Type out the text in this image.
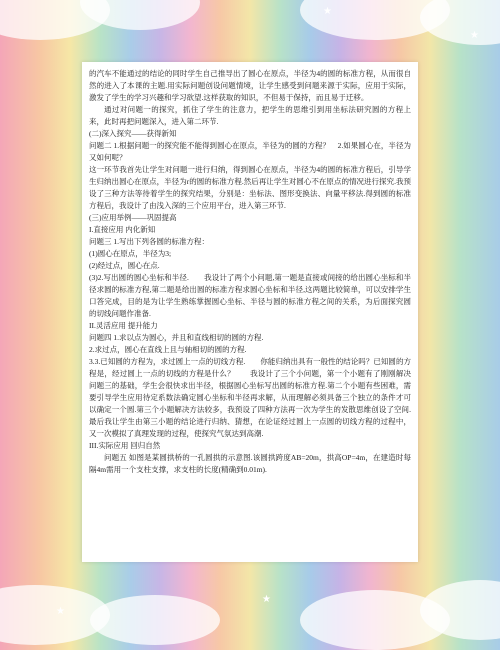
★
★
★
★

的汽车不能通过的结论的同时学生自己推导出了圆心在原点，半径为4的圆的标准方程，从而很自然的进入了本课的主题.用实际问题创设问题情境，让学生感受到问题来源于实际，应用于实际，激发了学生的学习兴趣和学习欲望.这样获取的知识，不但易于保持，而且易于迁移。

通过对问题一的探究，抓住了学生的注意力，把学生的思维引到用坐标法研究圆的方程上来，此时再把问题深入，进入第二环节.

(二)深入探究——获得新知

问题二 1.根据问题一的探究能不能得到圆心在原点，半径为的圆的方程？　2.如果圆心在，半径为又如何呢？

这一环节我首先让学生对问题一进行归纳，得到圆心在原点，半径为4的圆的标准方程后，引导学生归纳出圆心在原点，半径为r的圆的标准方程.然后再让学生对圆心不在原点的情况进行探究.我预设了三种方法等待着学生的探究结果，分别是：坐标法、图形变换法、向量平移法.得到圆的标准方程后，我设计了由浅入深的三个应用平台，进入第三环节.

(三)应用举例——巩固提高

I.直接应用 内化新知

问题三 1.写出下列各圆的标准方程：

(1)圆心在原点，半径为3;

(2)经过点，圆心在点.

(3)2.写出圆的圆心坐标和半径.　　我设计了两个小问题,第一题是直接或间接的给出圆心坐标和半径求圆的标准方程,第二题是给出圆的标准方程求圆心坐标和半径,这两题比较简单，可以安排学生口答完成，目的是为让学生熟练掌握圆心坐标、半径与圆的标准方程之间的关系，为后面探究圆的切线问题作准备.

II.灵活应用 提升能力

问题四 1.求以点为圆心，并且和直线相切的圆的方程.

2.求过点，圆心在直线上且与轴相切的圆的方程.

3.3.已知圆的方程为，求过圆上一点的切线方程.　　你能归纳出具有一般性的结论吗？已知圆的方程是，经过圆上一点的切线的方程是什么？　　我设计了三个小问题，第一个小题有了刚刚解决问题三的基础，学生会很快求出半径，根据圆心坐标写出圆的标准方程.第二个小题有些困难，需要引导学生应用待定系数法确定圆心坐标和半径再求解，从而理解必须具备三个独立的条件才可以确定一个圆.第三个小题解决方法较多，我预设了四种方法再一次为学生的发散思维创设了空间.最后我让学生由第三小题的结论进行归纳、猜想，在论证经过圆上一点圆的切线方程的过程中，又一次模拟了真理发现的过程，使探究气氛达到高潮.

III.实际应用 回归自然

问题五 如图是某圆拱桥的一孔圆拱的示意图.该圆拱跨度AB=20m，拱高OP=4m，在建造时每隔4m需用一个支柱支撑，求支柱的长度(精确到0.01m).
